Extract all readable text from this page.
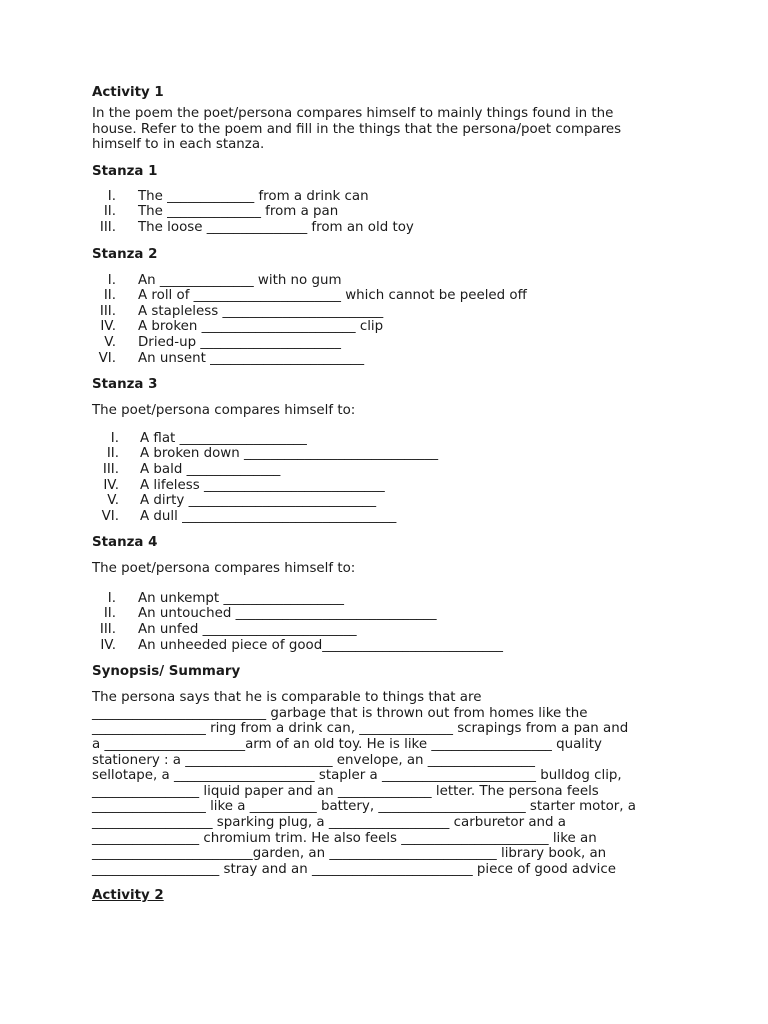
Activity 1

In the poem the poet/persona compares himself to mainly things found in the

house. Refer to the poem and fill in the things that the persona/poet compares

himself to in each stanza.

Stanza 1
I. The _____________ from a drink can
II. The ______________ from a pan
III. The loose _______________ from an old toy
Stanza 2
I. An ______________ with no gum
II. A roll of ______________________ which cannot be peeled off
III. A stapleless ________________________
IV. A broken _______________________ clip
V. Dried-up _____________________
VI. An unsent _______________________
Stanza 3

The poet/persona compares himself to:

I. A flat ___________________
II. A broken down _____________________________
III. A bald ______________
IV. A lifeless ___________________________
V. A dirty ____________________________
VI. A dull ________________________________
Stanza 4

The poet/persona compares himself to:

I. An unkempt __________________
II. An untouched ______________________________
III. An unfed _______________________
IV. An unheeded piece of good___________________________
Synopsis/ Summary

The persona says that he is comparable to things that are

__________________________ garbage that is thrown out from homes like the

_________________ ring from a drink can, ______________ scrapings from a pan and

a _____________________arm of an old toy. He is like __________________ quality

stationery : a ______________________ envelope, an ________________

sellotape, a _____________________ stapler a _______________________ bulldog clip,

________________ liquid paper and an ______________ letter. The persona feels

_________________ like a __________ battery, ______________________ starter motor, a

__________________ sparking plug, a __________________ carburetor and a

________________ chromium trim. He also feels ______________________ like an

________________________garden, an _________________________ library book, an

___________________ stray and an ________________________ piece of good advice

Activity 2
